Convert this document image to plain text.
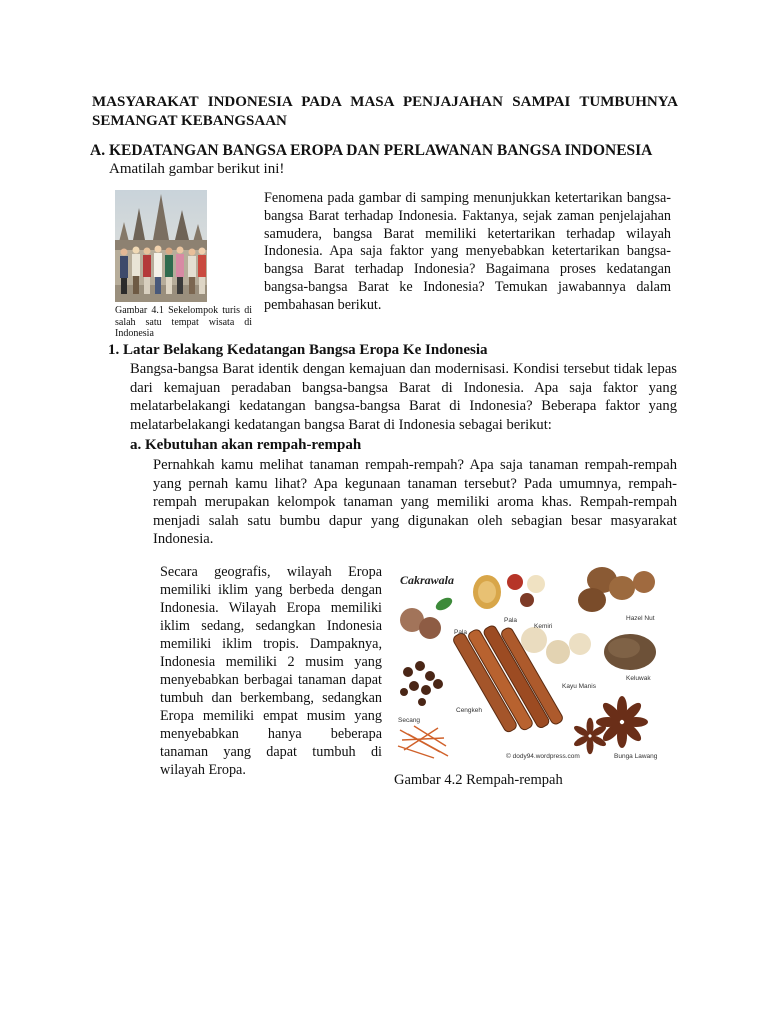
MASYARAKAT INDONESIA PADA MASA PENJAJAHAN SAMPAI TUMBUHNYA
SEMANGAT KEBANGSAAN
A. KEDATANGAN BANGSA EROPA DAN PERLAWANAN BANGSA INDONESIA
Amatilah gambar berikut ini!
Gambar 4.1 Sekelompok turis di salah satu tempat wisata di Indonesia
Fenomena pada gambar di samping menunjukkan ketertarikan bangsa-bangsa Barat terhadap Indonesia. Faktanya, sejak zaman penjelajahan samudera, bangsa Barat memiliki ketertarikan terhadap wilayah Indonesia. Apa saja faktor yang menyebabkan ketertarikan bangsa-bangsa Barat terhadap Indonesia? Bagaimana proses kedatangan bangsa-bangsa Barat ke Indonesia? Temukan jawabannya dalam pembahasan berikut.
1. Latar Belakang Kedatangan Bangsa Eropa Ke Indonesia
Bangsa-bangsa Barat identik dengan kemajuan dan modernisasi. Kondisi tersebut tidak lepas dari kemajuan peradaban bangsa-bangsa Barat di Indonesia. Apa saja faktor yang melatarbelakangi kedatangan bangsa-bangsa Barat di Indonesia? Beberapa faktor yang melatarbelakangi kedatangan bangsa Barat di Indonesia sebagai berikut:
a. Kebutuhan akan rempah-rempah
Pernahkah kamu melihat tanaman rempah-rempah? Apa saja tanaman rempah-rempah yang pernah kamu lihat? Apa kegunaan tanaman tersebut? Pada umumnya, rempah-rempah merupakan kelompok tanaman yang memiliki aroma khas. Rempah-rempah menjadi salah satu bumbu dapur yang digunakan oleh sebagian besar masyarakat Indonesia.
Secara geografis, wilayah Eropa memiliki iklim yang berbeda dengan Indonesia. Wilayah Eropa memiliki iklim sedang, sedangkan Indonesia memiliki iklim tropis. Dampaknya, Indonesia memiliki 2 musim yang menyebabkan berbagai tanaman dapat tumbuh dan berkembang, sedangkan Eropa memiliki empat musim yang menyebabkan hanya beberapa tanaman yang dapat tumbuh di wilayah Eropa.
Cakrawala
Pala
Pala
Kemiri
Hazel Nut
Keluwak
Kayu Manis
Cengkeh
Secang
Bunga Lawang
© dody94.wordpress.com
Gambar 4.2 Rempah-rempah
